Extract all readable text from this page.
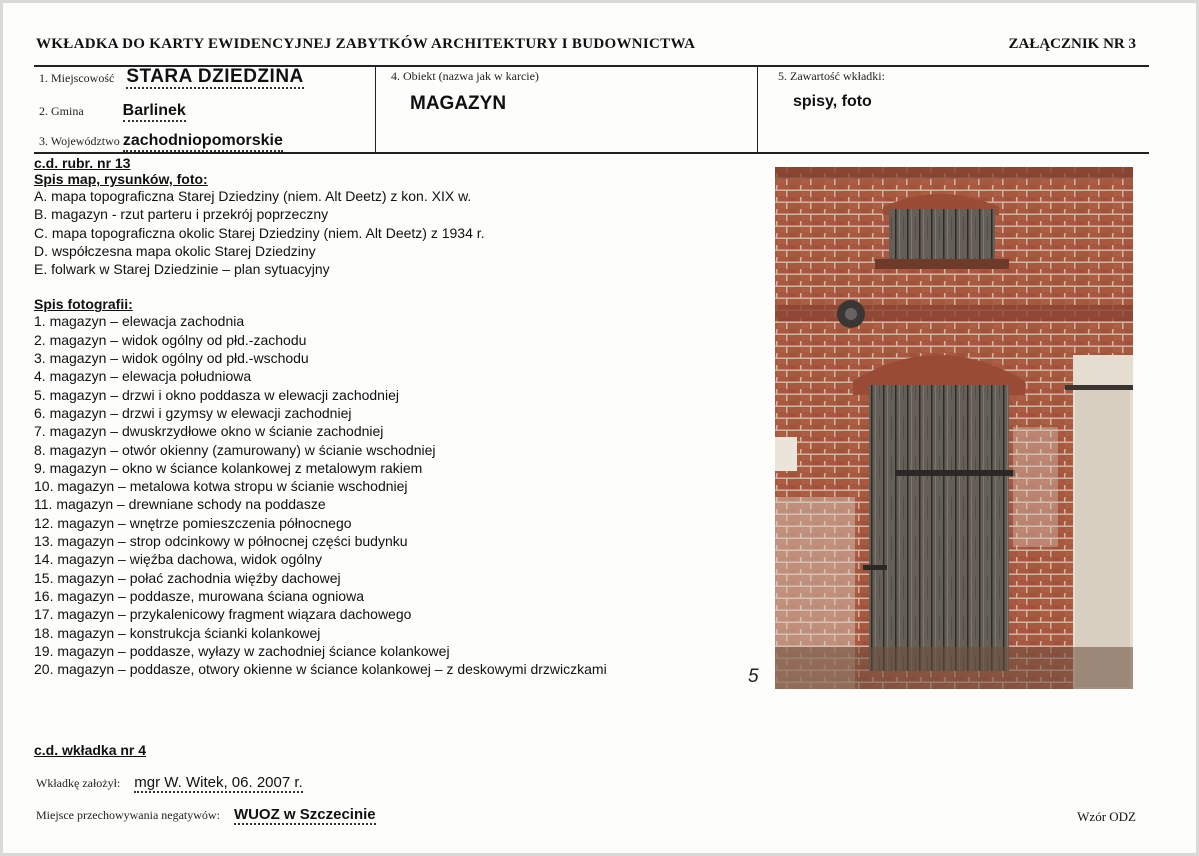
WKŁADKA DO KARTY EWIDENCYJNEJ ZABYTKÓW ARCHITEKTURY I BUDOWNICTWA	ZAŁĄCZNIK NR 3
1. Miejscowość STARA DZIEDZINA
2. Gmina Barlinek
3. Województwo zachodniopomorskie
4. Obiekt (nazwa jak w karcie)
MAGAZYN
5. Zawartość wkładki:
spisy, foto
c.d. rubr. nr 13
Spis map, rysunków, foto:
A. mapa topograficzna Starej Dziedziny (niem. Alt Deetz) z kon. XIX w.
B. magazyn - rzut parteru i przekrój poprzeczny
C. mapa topograficzna okolic Starej Dziedziny (niem. Alt Deetz) z 1934 r.
D. współczesna mapa okolic Starej Dziedziny
E. folwark w Starej Dziedzinie – plan sytuacyjny
Spis fotografii:
1. magazyn – elewacja zachodnia
2. magazyn – widok ogólny od płd.-zachodu
3. magazyn – widok ogólny od płd.-wschodu
4. magazyn – elewacja południowa
5. magazyn – drzwi i okno poddasza w elewacji zachodniej
6. magazyn – drzwi i gzymsy w elewacji zachodniej
7. magazyn – dwuskrzydłowe okno w ścianie zachodniej
8. magazyn – otwór okienny (zamurowany) w ścianie wschodniej
9. magazyn – okno w ściance kolankowej z metalowym rakiem
10. magazyn – metalowa kotwa stropu w ścianie wschodniej
11. magazyn – drewniane schody na poddasze
12. magazyn – wnętrze pomieszczenia północnego
13. magazyn – strop odcinkowy w północnej części budynku
14. magazyn – więźba dachowa, widok ogólny
15. magazyn – połać zachodnia więźby dachowej
16. magazyn – poddasze, murowana ściana ogniowa
17. magazyn – przykalenicowy fragment wiązara dachowego
18. magazyn – konstrukcja ścianki kolankowej
19. magazyn – poddasze, wyłazy w zachodniej ściance kolankowej
20. magazyn – poddasze, otwory okienne w ściance kolankowej – z deskowymi drzwiczkami	5
c.d. wkładka nr 4
Wkładkę założył: mgr W. Witek, 06. 2007 r.
Miejsce przechowywania negatywów: WUOZ w Szczecinie	Wzór ODZ
